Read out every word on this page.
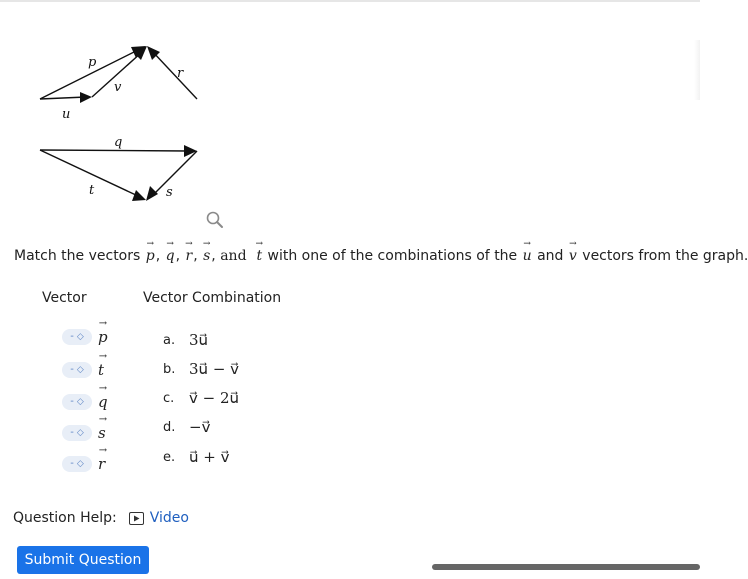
p
v
r
u
q
t	s
Match the vectors → p, → q, → r, → s, and → t with one of the combinations of the → u and → v vectors from the graph.
Vector	Vector Combination
- ◇ → p
- ◇ → t
- ◇ → q
- ◇ → s
- ◇ → r
a. 3u⃗
b. 3u⃗ − v⃗
c. v⃗ − 2u⃗
d. −v⃗
e. u⃗ + v⃗
Question Help: Video
Submit Question
